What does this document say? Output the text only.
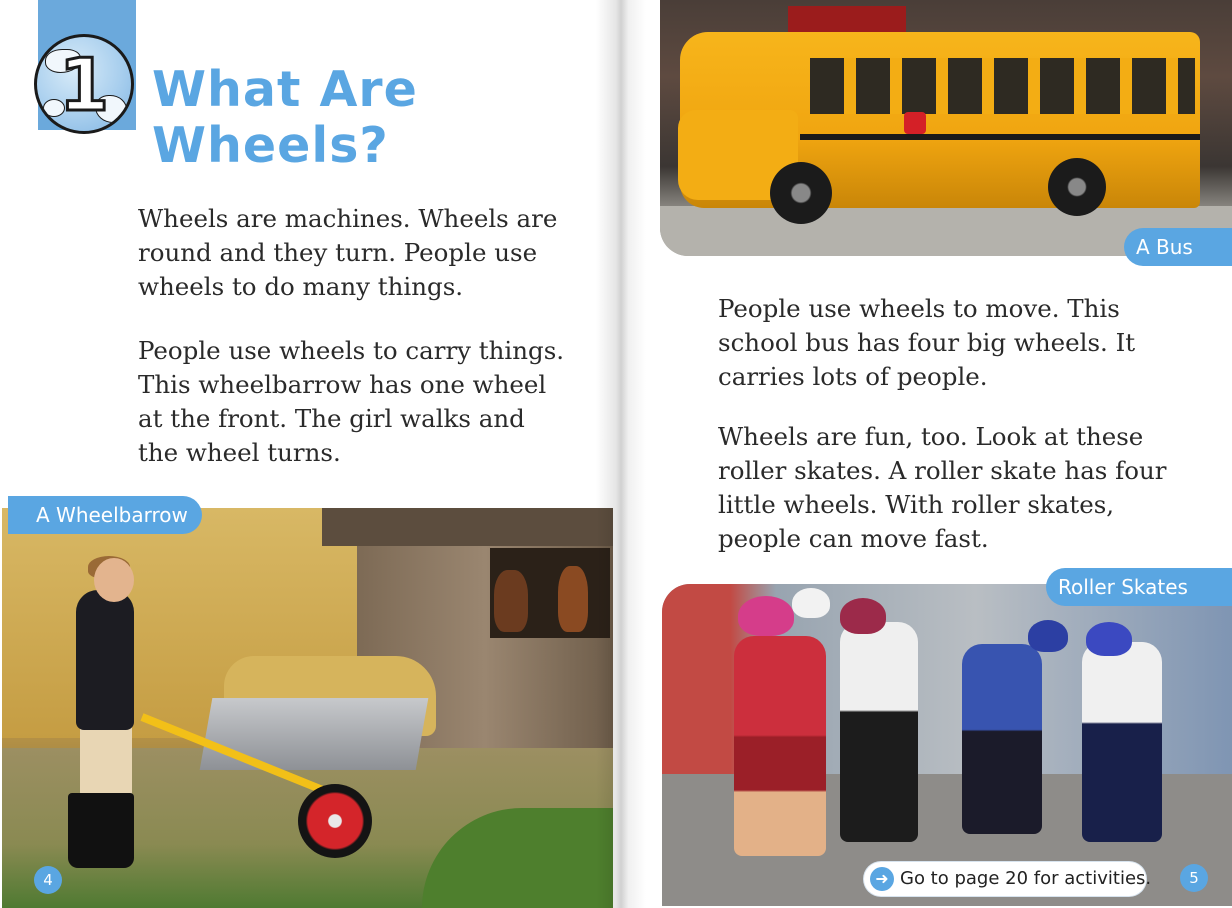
1 What Are
Wheels?

Wheels are machines. Wheels are
round and they turn. People use
wheels to do many things.

People use wheels to carry things.
This wheelbarrow has one wheel
at the front. The girl walks and
the wheel turns.

A Wheelbarrow
4

People use wheels to move. This
school bus has four big wheels. It
carries lots of people.

Wheels are fun, too. Look at these
roller skates. A roller skate has four
little wheels. With roller skates,
people can move fast.

A Bus
Roller Skates
➜ Go to page 20 for activities.	5
